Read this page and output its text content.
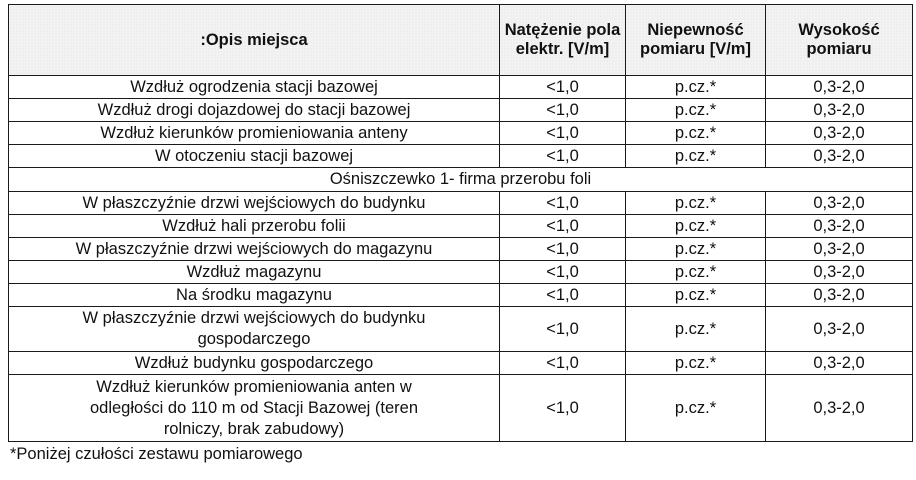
:Opis miejsca	Natężenie pola elektr. [V/m]	Niepewność pomiaru [V/m]	Wysokość pomiaru
Wzdłuż ogrodzenia stacji bazowej	<1,0	p.cz.*	0,3-2,0
Wzdłuż drogi dojazdowej do stacji bazowej	<1,0	p.cz.*	0,3-2,0
Wzdłuż kierunków promieniowania anteny	<1,0	p.cz.*	0,3-2,0
W otoczeniu stacji bazowej	<1,0	p.cz.*	0,3-2,0
Ośniszczewko 1- firma przerobu foli			
W płaszczyźnie drzwi wejściowych do budynku	<1,0	p.cz.*	0,3-2,0
Wzdłuż hali przerobu folii	<1,0	p.cz.*	0,3-2,0
W płaszczyźnie drzwi wejściowych do magazynu	<1,0	p.cz.*	0,3-2,0
Wzdłuż magazynu	<1,0	p.cz.*	0,3-2,0
Na środku magazynu	<1,0	p.cz.*	0,3-2,0
W płaszczyźnie drzwi wejściowych do budynku gospodarczego	<1,0	p.cz.*	0,3-2,0
Wzdłuż budynku gospodarczego	<1,0	p.cz.*	0,3-2,0
Wzdłuż kierunków promieniowania anten w odległości do 110 m od Stacji Bazowej (teren rolniczy, brak zabudowy)	<1,0	p.cz.*	0,3-2,0
*Poniżej czułości zestawu pomiarowego
